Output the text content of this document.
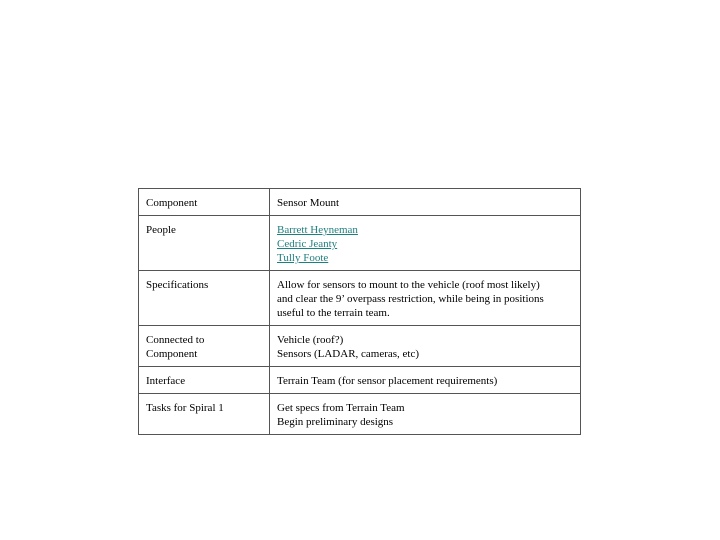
Component	Sensor Mount

People	Barrett Heyneman
Cedric Jeanty
Tully Foote

Specifications	Allow for sensors to mount to the vehicle (roof most likely)
and clear the 9’ overpass restriction, while being in positions
useful to the terrain team.

Connected to
Component	Vehicle (roof?)
Sensors (LADAR, cameras, etc)

Interface	Terrain Team (for sensor placement requirements)

Tasks for Spiral 1	Get specs from Terrain Team
Begin preliminary designs
